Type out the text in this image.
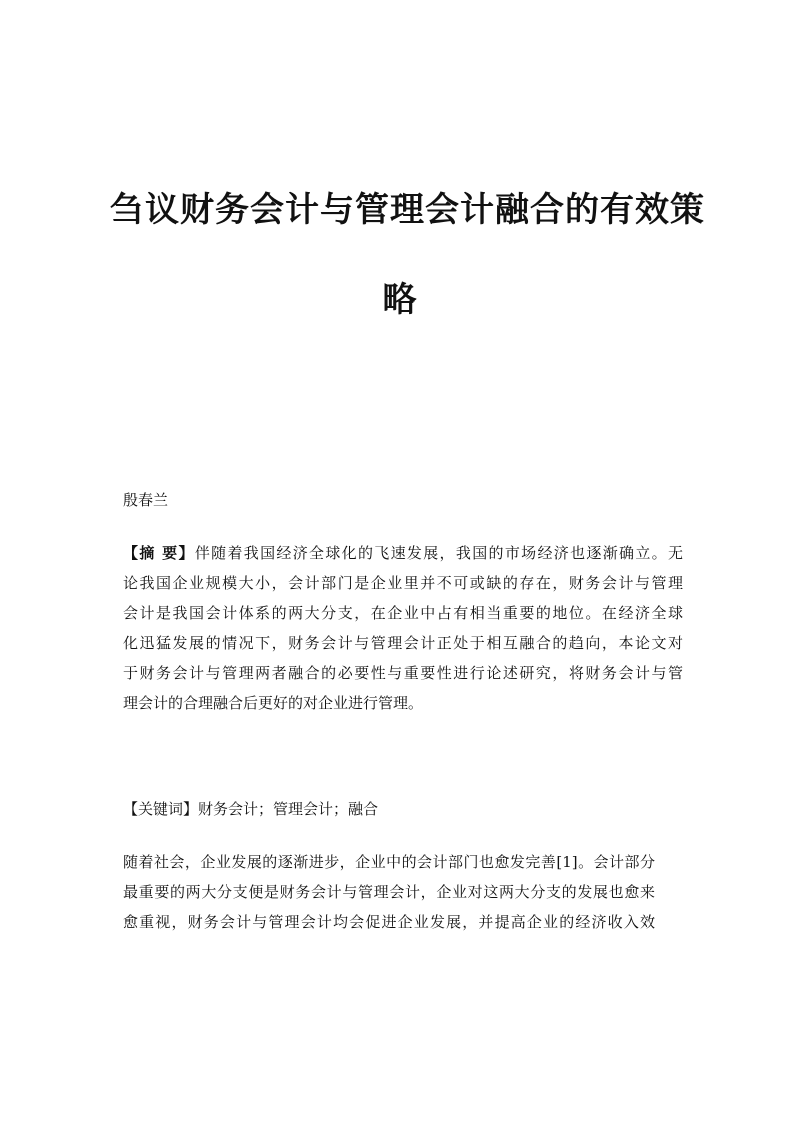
刍议财务会计与管理会计融合的有效策
略
殷春兰
【摘 要】伴随着我国经济全球化的飞速发展，我国的市场经济也逐渐确立。无
论我国企业规模大小，会计部门是企业里并不可或缺的存在，财务会计与管理
会计是我国会计体系的两大分支，在企业中占有相当重要的地位。在经济全球
化迅猛发展的情况下，财务会计与管理会计正处于相互融合的趋向，本论文对
于财务会计与管理两者融合的必要性与重要性进行论述研究，将财务会计与管
理会计的合理融合后更好的对企业进行管理。
【关键词】财务会计；管理会计；融合
随着社会，企业发展的逐渐进步，企业中的会计部门也愈发完善[1]。会计部分
最重要的两大分支便是财务会计与管理会计，企业对这两大分支的发展也愈来
愈重视，财务会计与管理会计均会促进企业发展，并提高企业的经济收入效
